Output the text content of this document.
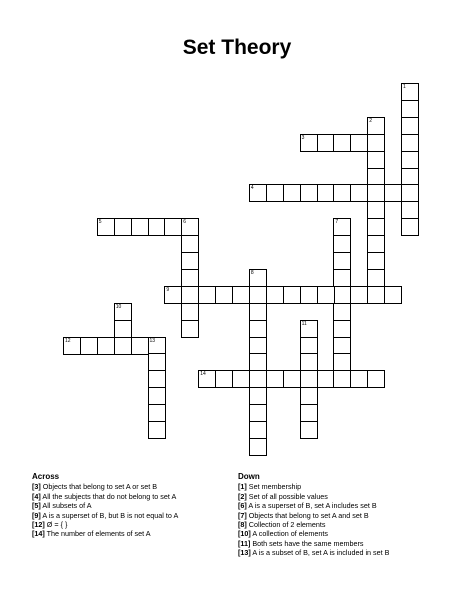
Set Theory
1
2
3
4
5	6	7
8
9
10
11
12	13
14
Across
[3] Objects that belong to set A or set B
[4] All the subjects that do not belong to set A
[5] All subsets of A
[9] A is a superset of B, but B is not equal to A
[12] Ø = { }
[14] The number of elements of set A
Down
[1] Set membership
[2] Set of all possible values
[6] A is a superset of B, set A includes set B
[7] Objects that belong to set A and set B
[8] Collection of 2 elements
[10] A collection of elements
[11] Both sets have the same members
[13] A is a subset of B, set A is included in set B
